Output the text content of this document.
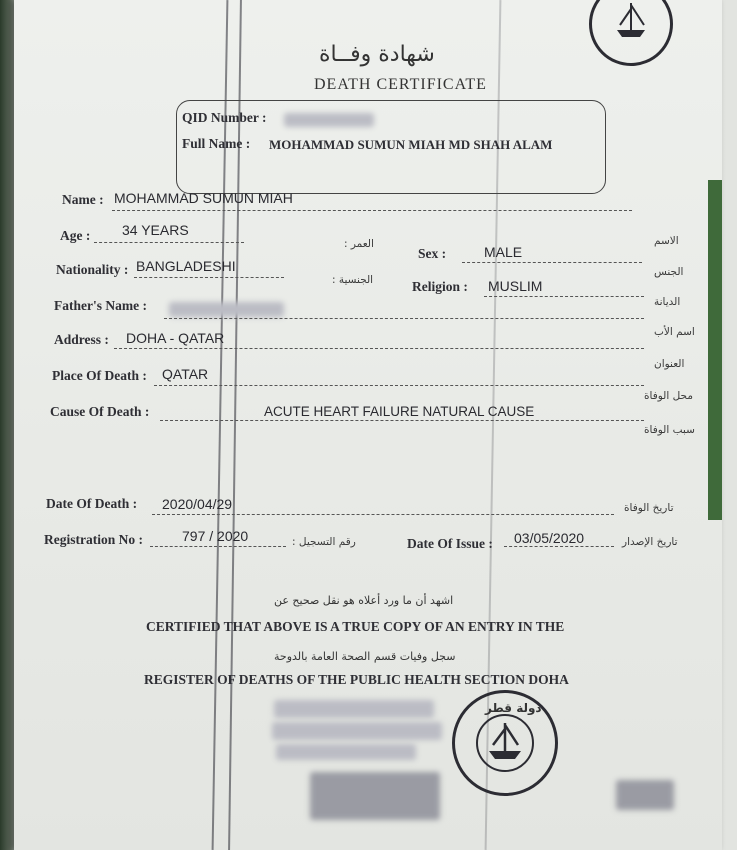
شهادة وفــاة
DEATH CERTIFICATE
QID Number :
Full Name : MOHAMMAD SUMUN MIAH MD SHAH ALAM
Name : MOHAMMAD SUMUN MIAH
الاسم
Age : 34 YEARS
العمر :
Sex :	MALE
الجنس
Nationality : BANGLADESHI
الجنسية :	Religion : MUSLIM
الديانة
Father's Name :
اسم الأب
Address : DOHA - QATAR
العنوان
Place Of Death : QATAR
محل الوفاة
Cause Of Death :	ACUTE HEART FAILURE NATURAL CAUSE
سبب الوفاة
Date Of Death : 2020/04/29	تاريخ الوفاة
Registration No :	797 / 2020	رقم التسجيل :	Date Of Issue : 03/05/2020	تاريخ الإصدار
اشهد أن ما ورد أعلاه هو نقل صحيح عن
CERTIFIED THAT ABOVE IS A TRUE COPY OF AN ENTRY IN THE
سجل وفيات قسم الصحة العامة بالدوحة
REGISTER OF DEATHS OF THE PUBLIC HEALTH SECTION DOHA
دولة قطر
